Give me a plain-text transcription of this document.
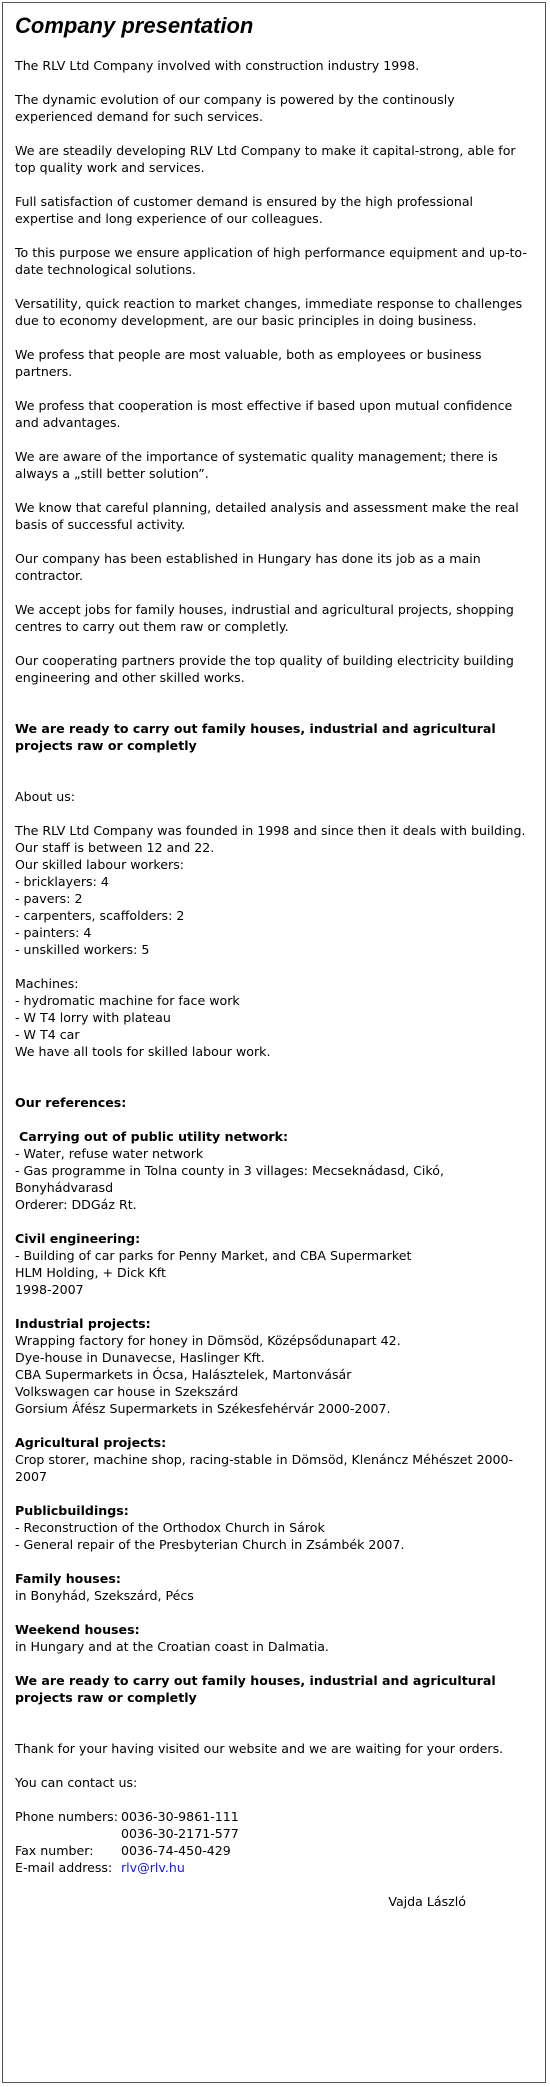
Company presentation

The RLV Ltd Company involved with construction industry 1998.

The dynamic evolution of our company is powered by the continously experienced demand for such services.

We are steadily developing RLV Ltd Company to make it capital-strong, able for top quality work and services.

Full satisfaction of customer demand is ensured by the high professional expertise and long experience of our colleagues.

To this purpose we ensure application of high performance equipment and up-to-date technological solutions.

Versatility, quick reaction to market changes, immediate response to challenges due to economy development, are our basic principles in doing business.

We profess that people are most valuable, both as employees or business partners.

We profess that cooperation is most effective if based upon mutual confidence and advantages.

We are aware of the importance of systematic quality management; there is always a „still better solution”.

We know that careful planning, detailed analysis and assessment make the real basis of successful activity.

Our company has been established in Hungary has done its job as a main contractor.

We accept jobs for family houses, indrustial and agricultural projects, shopping centres to carry out them raw or completly.

Our cooperating partners provide the top quality of building electricity building engineering and other skilled works.

We are ready to carry out family houses, industrial and agricultural projects raw or completly

About us:

The RLV Ltd Company was founded in 1998 and since then it deals with building.
Our staff is between 12 and 22.
Our skilled labour workers:
- bricklayers: 4
- pavers: 2
- carpenters, scaffolders: 2
- painters: 4
- unskilled workers: 5

Machines:
- hydromatic machine for face work
- W T4 lorry with plateau
- W T4 car
We have all tools for skilled labour work.

Our references:

Carrying out of public utility network:
- Water, refuse water network
- Gas programme in Tolna county in 3 villages: Mecseknádasd, Cikó, Bonyhádvarasd
Orderer: DDGáz Rt.

Civil engineering:
- Building of car parks for Penny Market, and CBA Supermarket
HLM Holding, + Dick Kft
1998-2007

Industrial projects:
Wrapping factory for honey in Dömsöd, Középsődunapart 42.
Dye-house in Dunavecse, Haslinger Kft.
CBA Supermarkets in Ócsa, Halásztelek, Martonvásár
Volkswagen car house in Szekszárd
Gorsium Áfész Supermarkets in Székesfehérvár 2000-2007.

Agricultural projects:
Crop storer, machine shop, racing-stable in Dömsöd, Klenáncz Méhészet 2000-2007

Publicbuildings:
- Reconstruction of the Orthodox Church in Sárok
- General repair of the Presbyterian Church in Zsámbék 2007.

Family houses:
in Bonyhád, Szekszárd, Pécs

Weekend houses:
in Hungary and at the Croatian coast in Dalmatia.

We are ready to carry out family houses, industrial and agricultural projects raw or completly

Thank for your having visited our website and we are waiting for your orders.

You can contact us:

Phone numbers: 0036-30-9861-111
0036-30-2171-577
Fax number:	0036-74-450-429
E-mail address: rlv@rlv.hu
Vajda László
